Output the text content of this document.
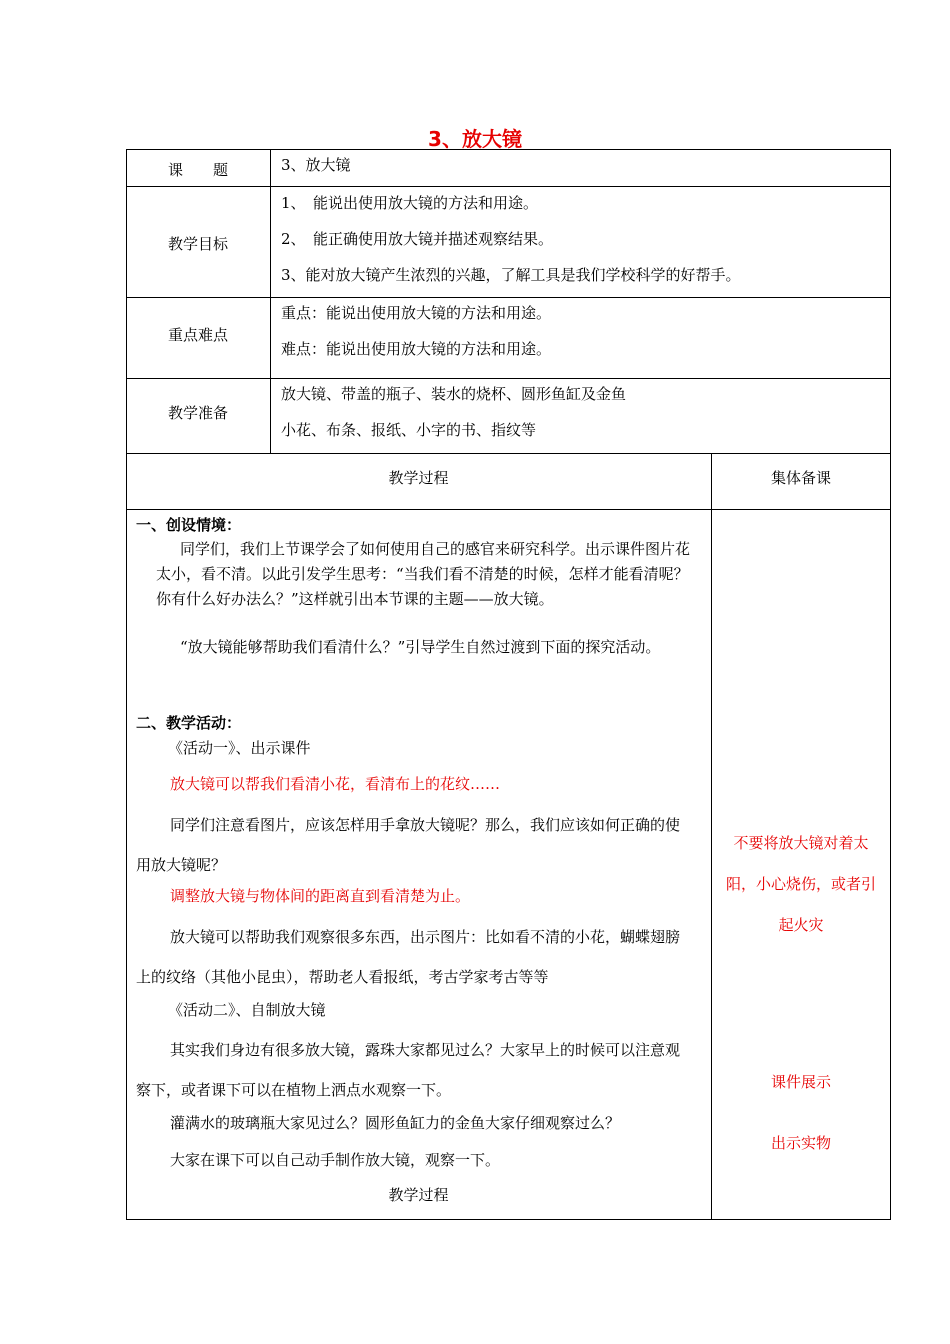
3、放大镜
课　　题
教学目标
重点难点
教学准备
3、放大镜
1、　能说出使用放大镜的方法和用途。
2、　能正确使用放大镜并描述观察结果。
3、能对放大镜产生浓烈的兴趣，了解工具是我们学校科学的好帮手。
重点：能说出使用放大镜的方法和用途。
难点：能说出使用放大镜的方法和用途。
放大镜、带盖的瓶子、装水的烧杯、圆形鱼缸及金鱼
小花、布条、报纸、小字的书、指纹等
教学过程	集体备课
一、创设情境：
同学们，我们上节课学会了如何使用自己的感官来研究科学。出示课件图片花太小，看不清。以此引发学生思考：“当我们看不清楚的时候，怎样才能看清呢？你有什么好办法么？”这样就引出本节课的主题——放大镜。
“放大镜能够帮助我们看清什么？”引导学生自然过渡到下面的探究活动。
二、教学活动：
《活动一》、出示课件
放大镜可以帮我们看清小花，看清布上的花纹……
同学们注意看图片，应该怎样用手拿放大镜呢？那么，我们应该如何正确的使用放大镜呢？
调整放大镜与物体间的距离直到看清楚为止。
放大镜可以帮助我们观察很多东西，出示图片：比如看不清的小花，蝴蝶翅膀上的纹络（其他小昆虫），帮助老人看报纸，考古学家考古等等
《活动二》、自制放大镜
其实我们身边有很多放大镜，露珠大家都见过么？大家早上的时候可以注意观察下，或者课下可以在植物上洒点水观察一下。
灌满水的玻璃瓶大家见过么？圆形鱼缸力的金鱼大家仔细观察过么？
大家在课下可以自己动手制作放大镜，观察一下。
教学过程
不要将放大镜对着太阳，小心烧伤，或者引起火灾
课件展示
出示实物
